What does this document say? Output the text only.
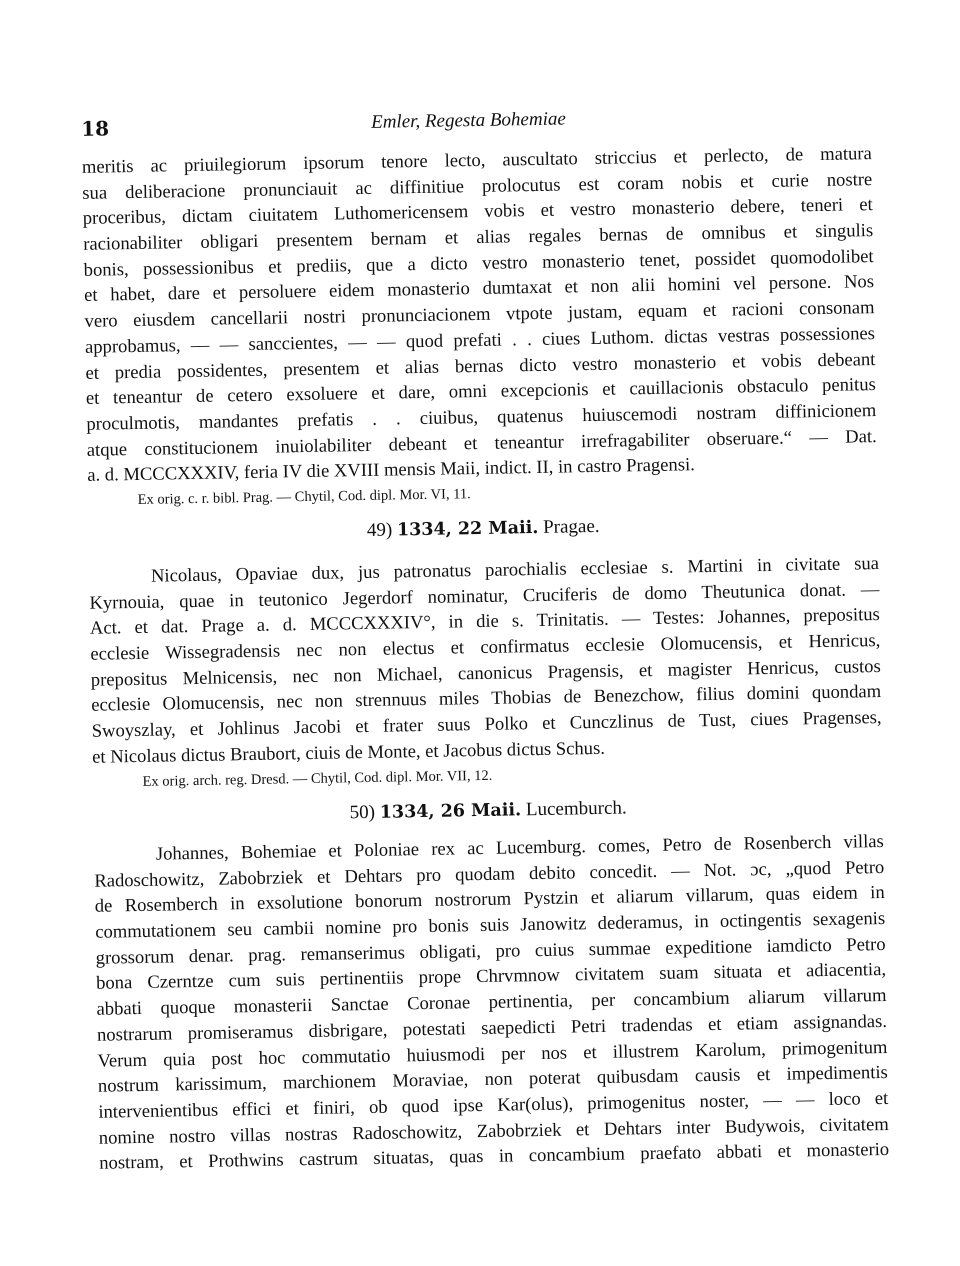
18	Emler, Regesta Bohemiae
meritis ac priuilegiorum ipsorum tenore lecto, auscultato striccius et perlecto, de matura
sua deliberacione pronunciauit ac diffinitiue prolocutus est coram nobis et curie nostre
proceribus, dictam ciuitatem Luthomericensem vobis et vestro monasterio debere, teneri et
racionabiliter obligari presentem bernam et alias regales bernas de omnibus et singulis
bonis, possessionibus et prediis, que a dicto vestro monasterio tenet, possidet quomodolibet
et habet, dare et persoluere eidem monasterio dumtaxat et non alii homini vel persone. Nos
vero eiusdem cancellarii nostri pronunciacionem vtpote justam, equam et racioni consonam
approbamus, — — sanccientes, — — quod prefati . . ciues Luthom. dictas vestras possessiones
et predia possidentes, presentem et alias bernas dicto vestro monasterio et vobis debeant
et teneantur de cetero exsoluere et dare, omni excepcionis et cauillacionis obstaculo penitus
proculmotis, mandantes prefatis . . ciuibus, quatenus huiuscemodi nostram diffinicionem
atque constitucionem inuiolabiliter debeant et teneantur irrefragabiliter obseruare.“ — Dat.
a. d. MCCCXXXIV, feria IV die XVIII mensis Maii, indict. II, in castro Pragensi.
Ex orig. c. r. bibl. Prag. — Chytil, Cod. dipl. Mor. VI, 11.
49) 1334, 22 Maii. Pragae.
Nicolaus, Opaviae dux, jus patronatus parochialis ecclesiae s. Martini in civitate sua
Kyrnouia, quae in teutonico Jegerdorf nominatur, Cruciferis de domo Theutunica donat. —
Act. et dat. Prage a. d. MCCCXXXIV°, in die s. Trinitatis. — Testes: Johannes, prepositus
ecclesie Wissegradensis nec non electus et confirmatus ecclesie Olomucensis, et Henricus,
prepositus Melnicensis, nec non Michael, canonicus Pragensis, et magister Henricus, custos
ecclesie Olomucensis, nec non strennuus miles Thobias de Benezchow, filius domini quondam
Swoyszlay, et Johlinus Jacobi et frater suus Polko et Cunczlinus de Tust, ciues Pragenses,
et Nicolaus dictus Braubort, ciuis de Monte, et Jacobus dictus Schus.
Ex orig. arch. reg. Dresd. — Chytil, Cod. dipl. Mor. VII, 12.
50) 1334, 26 Maii. Lucemburch.
Johannes, Bohemiae et Poloniae rex ac Lucemburg. comes, Petro de Rosenberch villas
Radoschowitz, Zabobrziek et Dehtars pro quodam debito concedit. — Not. ɔc, „quod Petro
de Rosemberch in exsolutione bonorum nostrorum Pystzin et aliarum villarum, quas eidem in
commutationem seu cambii nomine pro bonis suis Janowitz dederamus, in octingentis sexagenis
grossorum denar. prag. remanserimus obligati, pro cuius summae expeditione iamdicto Petro
bona Czerntze cum suis pertinentiis prope Chrvmnow civitatem suam situata et adiacentia,
abbati quoque monasterii Sanctae Coronae pertinentia, per concambium aliarum villarum
nostrarum promiseramus disbrigare, potestati saepedicti Petri tradendas et etiam assignandas.
Verum quia post hoc commutatio huiusmodi per nos et illustrem Karolum, primogenitum
nostrum karissimum, marchionem Moraviae, non poterat quibusdam causis et impedimentis
intervenientibus effici et finiri, ob quod ipse Kar(olus), primogenitus noster, — — loco et
nomine nostro villas nostras Radoschowitz, Zabobrziek et Dehtars inter Budywois, civitatem
nostram, et Prothwins castrum situatas, quas in concambium praefato abbati et monasterio
